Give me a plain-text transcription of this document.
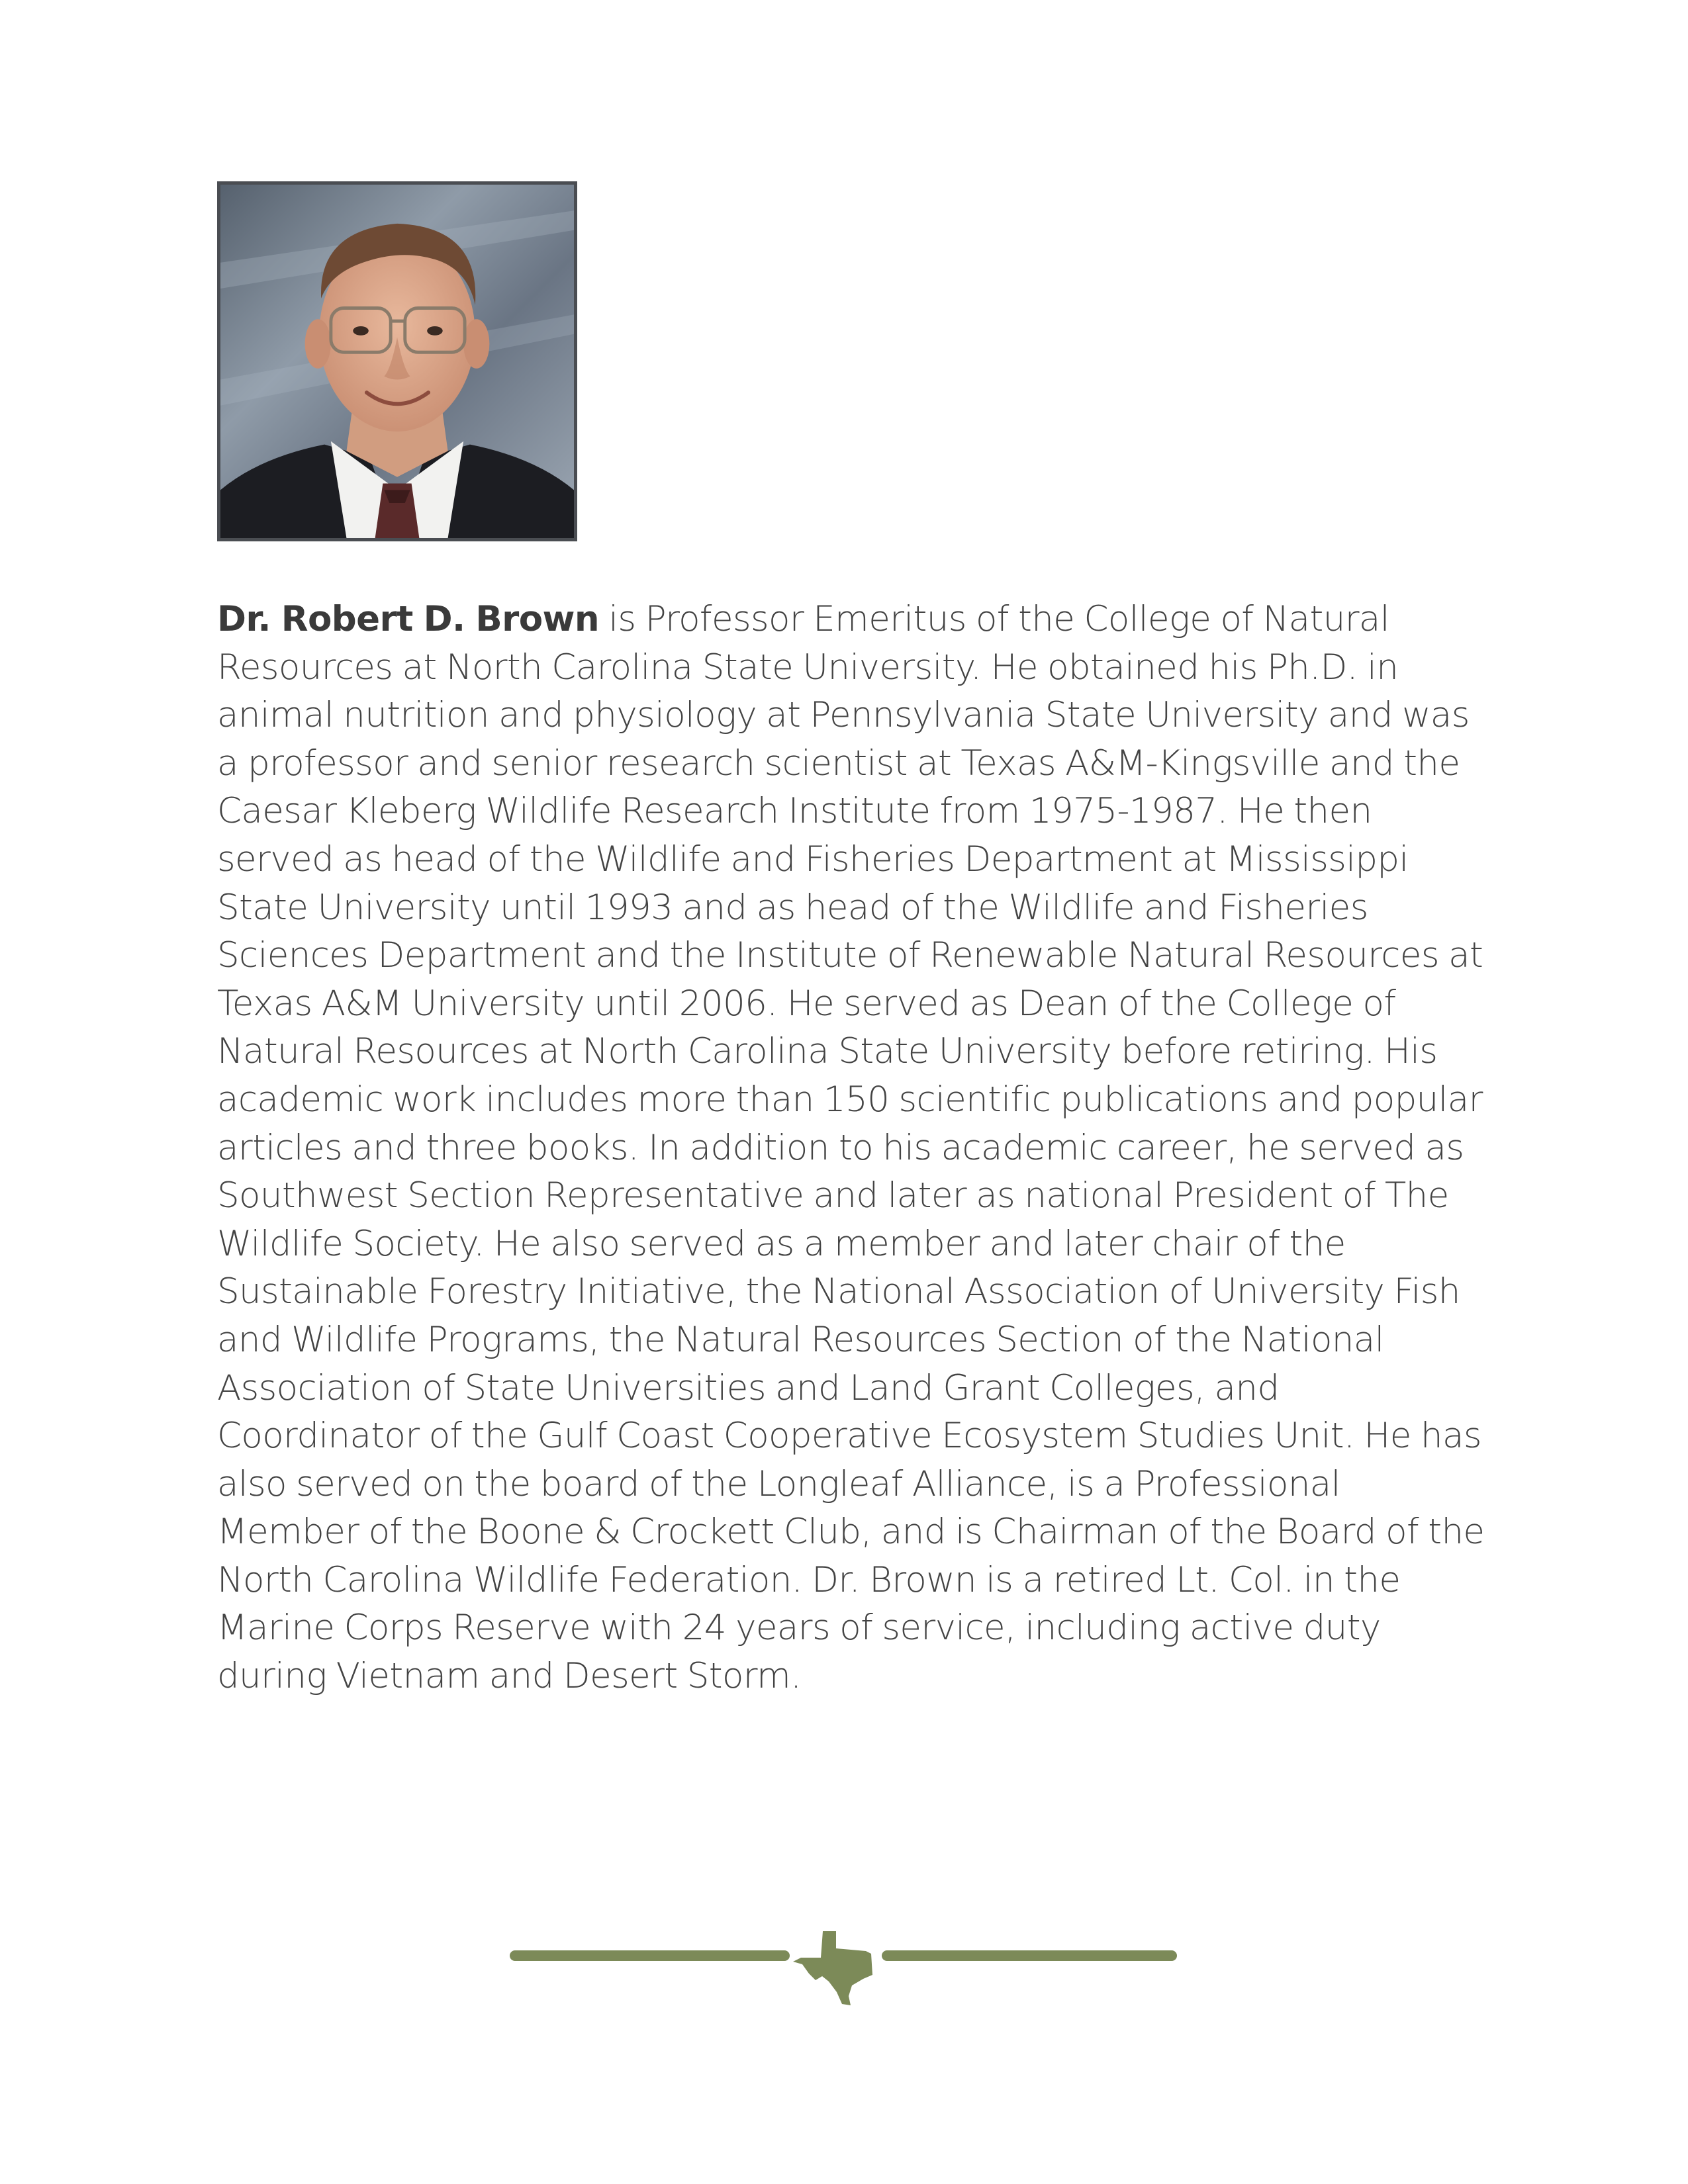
Dr. Robert D. Brown is Professor Emeritus of the College of Natural Resources at North Carolina State University. He obtained his Ph.D. in animal nutrition and physiology at Pennsylvania State University and was a professor and senior research scientist at Texas A&M-Kingsville and the Caesar Kleberg Wildlife Research Institute from 1975-1987. He then served as head of the Wildlife and Fisheries Department at Mississippi State University until 1993 and as head of the Wildlife and Fisheries Sciences Department and the Institute of Renewable Natural Resources at Texas A&M University until 2006. He served as Dean of the College of Natural Resources at North Carolina State University before retiring. His academic work includes more than 150 scientific publications and popular articles and three books. In addition to his academic career, he served as Southwest Section Representative and later as national President of The Wildlife Society. He also served as a member and later chair of the Sustainable Forestry Initiative, the National Association of University Fish and Wildlife Programs, the Natural Resources Section of the National Association of State Universities and Land Grant Colleges, and Coordinator of the Gulf Coast Cooperative Ecosystem Studies Unit. He has also served on the board of the Longleaf Alliance, is a Professional Member of the Boone & Crockett Club, and is Chairman of the Board of the North Carolina Wildlife Federation. Dr. Brown is a retired Lt. Col. in the Marine Corps Reserve with 24 years of service, including active duty during Vietnam and Desert Storm.
